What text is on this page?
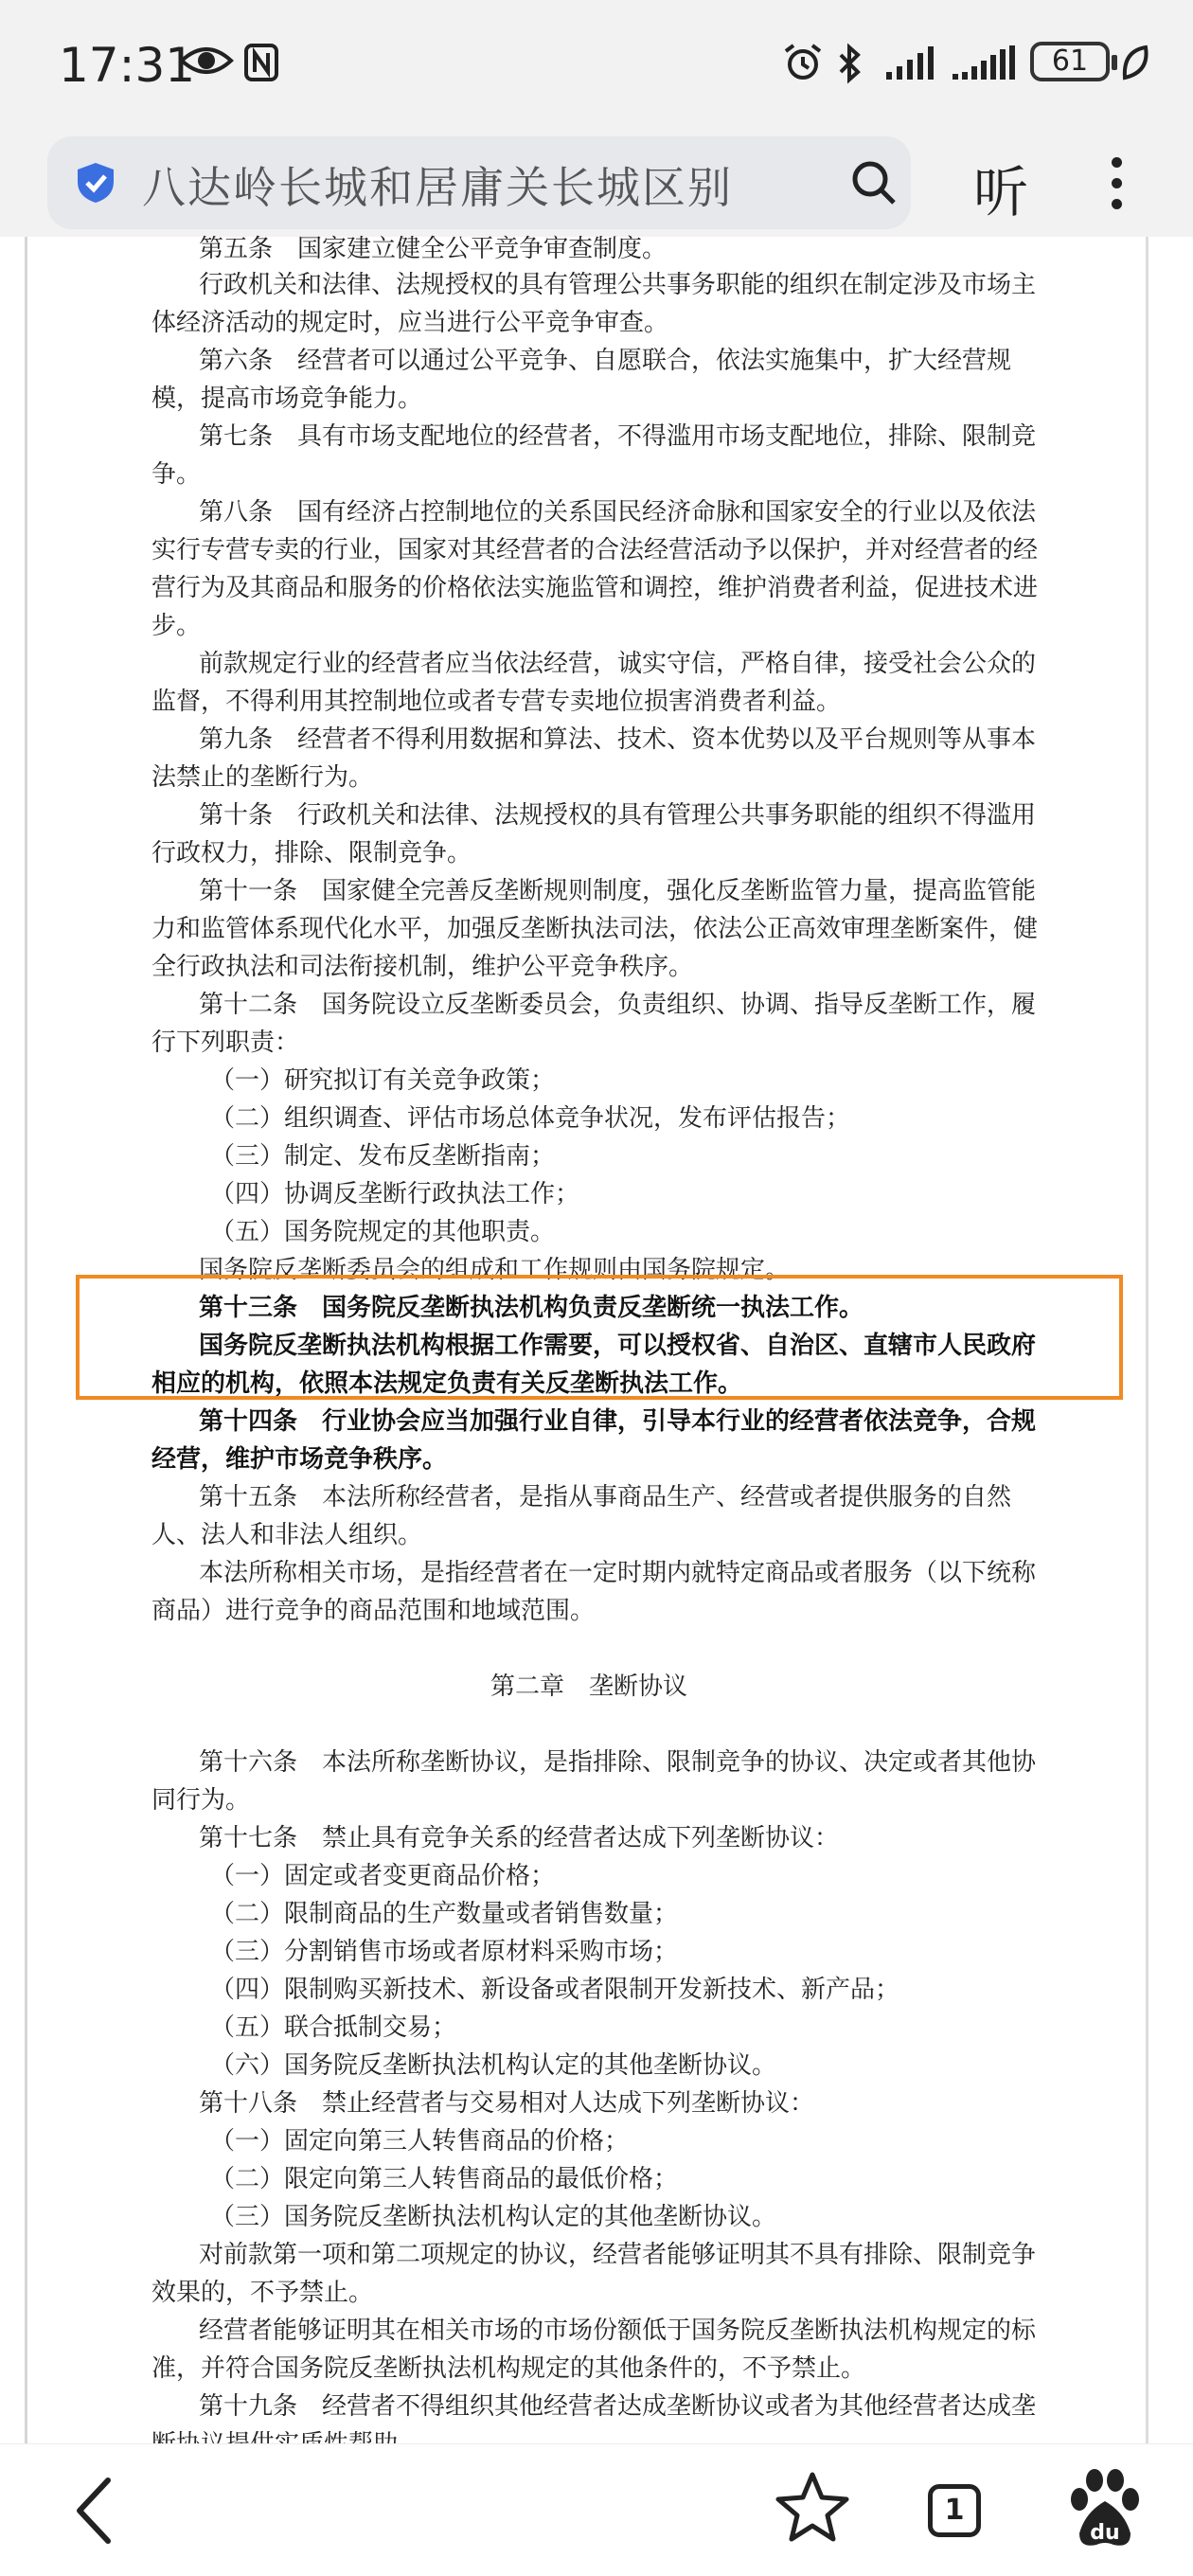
17:31	61
八达岭长城和居庸关长城区别	听
第五条　国家建立健全公平竞争审查制度。
行政机关和法律、法规授权的具有管理公共事务职能的组织在制定涉及市场主
体经济活动的规定时，应当进行公平竞争审查。
第六条　经营者可以通过公平竞争、自愿联合，依法实施集中，扩大经营规
模，提高市场竞争能力。
第七条　具有市场支配地位的经营者，不得滥用市场支配地位，排除、限制竞
争。
第八条　国有经济占控制地位的关系国民经济命脉和国家安全的行业以及依法
实行专营专卖的行业，国家对其经营者的合法经营活动予以保护，并对经营者的经
营行为及其商品和服务的价格依法实施监管和调控，维护消费者利益，促进技术进
步。
前款规定行业的经营者应当依法经营，诚实守信，严格自律，接受社会公众的
监督，不得利用其控制地位或者专营专卖地位损害消费者利益。
第九条　经营者不得利用数据和算法、技术、资本优势以及平台规则等从事本
法禁止的垄断行为。
第十条　行政机关和法律、法规授权的具有管理公共事务职能的组织不得滥用
行政权力，排除、限制竞争。
第十一条　国家健全完善反垄断规则制度，强化反垄断监管力量，提高监管能
力和监管体系现代化水平，加强反垄断执法司法，依法公正高效审理垄断案件，健
全行政执法和司法衔接机制，维护公平竞争秩序。
第十二条　国务院设立反垄断委员会，负责组织、协调、指导反垄断工作，履
行下列职责：
（一）研究拟订有关竞争政策；
（二）组织调查、评估市场总体竞争状况，发布评估报告；
（三）制定、发布反垄断指南；
（四）协调反垄断行政执法工作；
（五）国务院规定的其他职责。
国务院反垄断委员会的组成和工作规则由国务院规定。
第十三条　国务院反垄断执法机构负责反垄断统一执法工作。
国务院反垄断执法机构根据工作需要，可以授权省、自治区、直辖市人民政府
相应的机构，依照本法规定负责有关反垄断执法工作。
第十四条　行业协会应当加强行业自律，引导本行业的经营者依法竞争，合规
经营，维护市场竞争秩序。
第十五条　本法所称经营者，是指从事商品生产、经营或者提供服务的自然
人、法人和非法人组织。
本法所称相关市场，是指经营者在一定时期内就特定商品或者服务（以下统称
商品）进行竞争的商品范围和地域范围。
第二章　垄断协议
第十六条　本法所称垄断协议，是指排除、限制竞争的协议、决定或者其他协
同行为。
第十七条　禁止具有竞争关系的经营者达成下列垄断协议：
（一）固定或者变更商品价格；
（二）限制商品的生产数量或者销售数量；
（三）分割销售市场或者原材料采购市场；
（四）限制购买新技术、新设备或者限制开发新技术、新产品；
（五）联合抵制交易；
（六）国务院反垄断执法机构认定的其他垄断协议。
第十八条　禁止经营者与交易相对人达成下列垄断协议：
（一）固定向第三人转售商品的价格；
（二）限定向第三人转售商品的最低价格；
（三）国务院反垄断执法机构认定的其他垄断协议。
对前款第一项和第二项规定的协议，经营者能够证明其不具有排除、限制竞争
效果的，不予禁止。
经营者能够证明其在相关市场的市场份额低于国务院反垄断执法机构规定的标
准，并符合国务院反垄断执法机构规定的其他条件的，不予禁止。
第十九条　经营者不得组织其他经营者达成垄断协议或者为其他经营者达成垄
1
du
